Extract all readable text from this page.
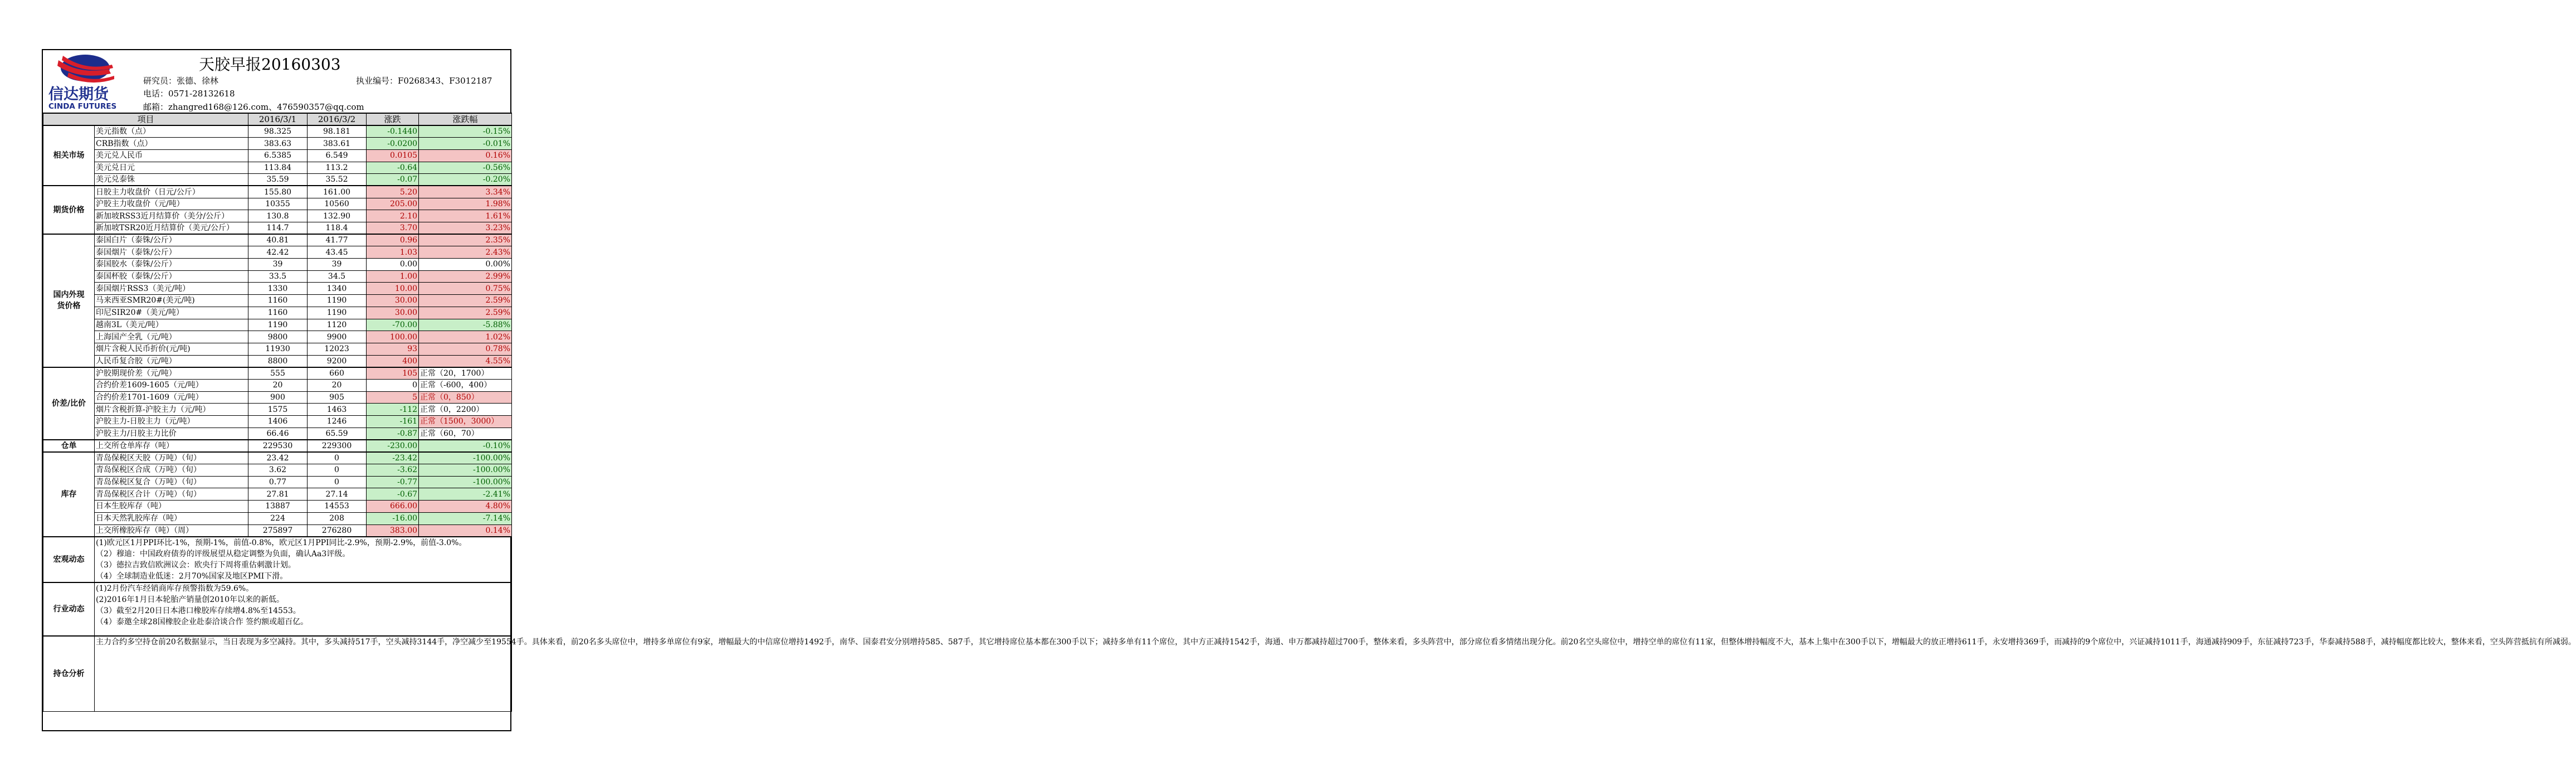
信达期货
CINDA FUTURES
天胶早报20160303
研究员：张德、徐林	执业编号：F0268343、F3012187
电话：0571-28132618
邮箱：zhangred168@126.com、476590357@qq.com
项目		2016/3/1	2016/3/2	涨跌	涨跌幅
相关市场	美元指数（点）	98.325	98.181	-0.1440	-0.15%
	CRB指数（点）	383.63	383.61	-0.0200	-0.01%
	美元兑人民币	6.5385	6.549	0.0105	0.16%
	美元兑日元	113.84	113.2	-0.64	-0.56%
	美元兑泰铢	35.59	35.52	-0.07	-0.20%
期货价格	日胶主力收盘价（日元/公斤）	155.80	161.00	5.20	3.34%
	沪胶主力收盘价（元/吨）	10355	10560	205.00	1.98%
	新加坡RSS3近月结算价（美分/公斤）	130.8	132.90	2.10	1.61%
	新加坡TSR20近月结算价（美元/公斤）	114.7	118.4	3.70	3.23%
国内外现
货价格	泰国白片（泰铢/公斤）	40.81	41.77	0.96	2.35%
	泰国烟片（泰铢/公斤）	42.42	43.45	1.03	2.43%
	泰国胶水（泰铢/公斤）	39	39	0.00	0.00%
	泰国杯胶（泰铢/公斤）	33.5	34.5	1.00	2.99%
	泰国烟片RSS3（美元/吨）	1330	1340	10.00	0.75%
	马来西亚SMR20#(美元/吨)	1160	1190	30.00	2.59%
	印尼SIR20#（美元/吨）	1160	1190	30.00	2.59%
	越南3L（美元/吨）	1190	1120	-70.00	-5.88%
	上海国产全乳（元/吨）	9800	9900	100.00	1.02%
	烟片含税人民币折价(元/吨)	11930	12023	93	0.78%
	人民币复合胶（元/吨）	8800	9200	400	4.55%
价差/比价	沪胶期现价差（元/吨）	555	660	105	正常（20，1700）
	合约价差1609-1605（元/吨）	20	20	0	正常（-600，400）
	合约价差1701-1609（元/吨）	900	905	5	正常（0，850）
	烟片含税折算-沪胶主力（元/吨）	1575	1463	-112	正常（0，2200）
	沪胶主力-日胶主力（元/吨）	1406	1246	-161	正常（1500，3000）
	沪胶主力/日胶主力比价	66.46	65.59	-0.87	正常（60，70）
仓单	上交所仓单库存（吨）	229530	229300	-230.00	-0.10%
库存	青岛保税区天胶（万吨）（旬）	23.42	0	-23.42	-100.00%
	青岛保税区合成（万吨）（旬）	3.62	0	-3.62	-100.00%
	青岛保税区复合（万吨）（旬）	0.77	0	-0.77	-100.00%
	青岛保税区合计（万吨）（旬）	27.81	27.14	-0.67	-2.41%
	日本生胶库存（吨）	13887	14553	666.00	4.80%
	日本天然乳胶库存（吨）	224	208	-16.00	-7.14%
	上交所橡胶库存（吨）（周）	275897	276280	383.00	0.14%
宏观动态	(1)欧元区1月PPI环比-1%，预期-1%，前值-0.8%，欧元区1月PPI同比-2.9%，预期-2.9%，前值-3.0%。

（2）穆迪：中国政府债券的评级展望从稳定调整为负面，确认Aa3评级。

（3）德拉吉致信欧洲议会：欧央行下周将重估刺激计划。

（4）全球制造业低迷：2月70%国家及地区PMI下滑。				

行业动态	(1)2月份汽车经销商库存预警指数为59.6%。

(2)2016年1月日本轮胎产销量创2010年以来的新低。

（3）截至2月20日日本港口橡胶库存续增4.8%至14553。

（4）泰邀全球28国橡胶企业赴泰洽谈合作 签约额或超百亿。				

持仓分析	主力合约多空持仓前20名数据显示，当日表现为多空减持。其中，多头减持517手，空头减持3144手，净空减少至19554手。具体来看，前20名多头席位中，增持多单席位有9家，增幅最大的中信席位增持1492手，南华、国泰君安分别增持585、587手，其它增持席位基本都在300手以下；减持多单有11个席位，其中方正减持1542手，海通、申万都减持超过700手，整体来看，多头阵营中，部分席位看多情绪出现分化。前20名空头席位中，增持空单的席位有11家，但整体增持幅度不大，基本上集中在300手以下，增幅最大的放正增持611手，永安增持369手，而减持的9个席位中，兴证减持1011手，海通减持909手，东征减持723手，华泰减持588手，减持幅度都比较大，整体来看，空头阵营抵抗有所减弱。				
